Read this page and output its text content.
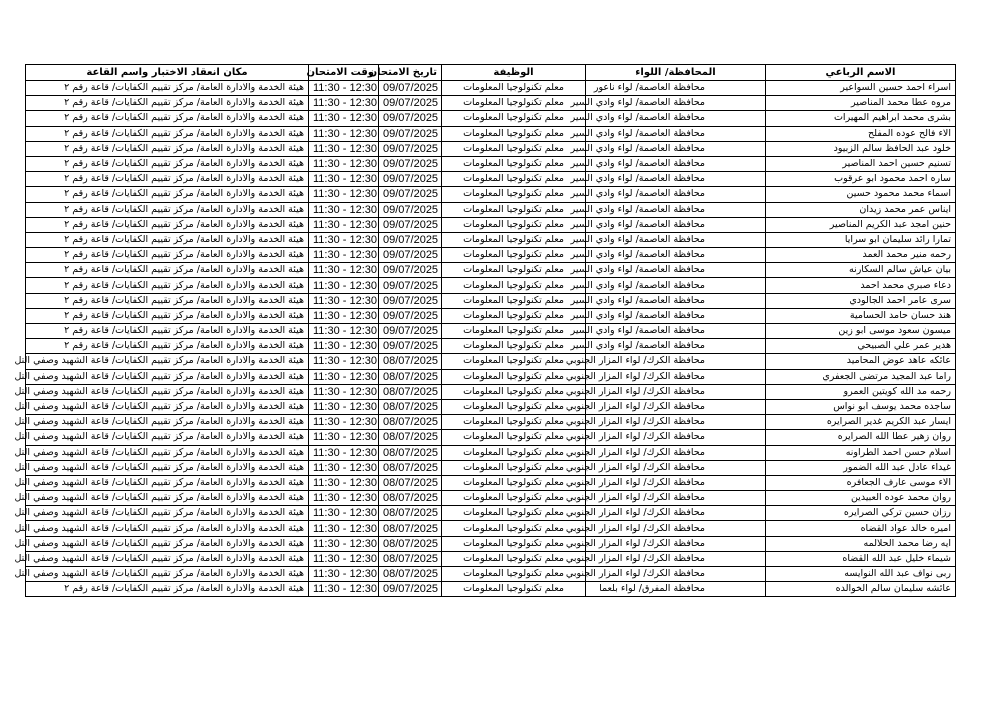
الاسم الرباعي	المحافظة/ اللواء	الوظيفة	تاريخ الامتحان	وقت الامتحان	مكان انعقاد الاختبار واسم القاعة
اسراء احمد حسين السواعير	محافظة العاصمة/ لواء ناعور	معلم تكنولوجيا المعلومات	09/07/2025	11:30 - 12:30	هيئة الخدمة والادارة العامة/ مركز تقييم الكفايات/ قاعة رقم ٢
مروه عطا محمد المناصير	محافظة العاصمة/ لواء وادي السير	معلم تكنولوجيا المعلومات	09/07/2025	11:30 - 12:30	هيئة الخدمة والادارة العامة/ مركز تقييم الكفايات/ قاعة رقم ٢
بشرى محمد ابراهيم المهيرات	محافظة العاصمة/ لواء وادي السير	معلم تكنولوجيا المعلومات	09/07/2025	11:30 - 12:30	هيئة الخدمة والادارة العامة/ مركز تقييم الكفايات/ قاعة رقم ٢
الاء فالح عوده المفلح	محافظة العاصمة/ لواء وادي السير	معلم تكنولوجيا المعلومات	09/07/2025	11:30 - 12:30	هيئة الخدمة والادارة العامة/ مركز تقييم الكفايات/ قاعة رقم ٢
خلود عبد الحافظ سالم الزبيود	محافظة العاصمة/ لواء وادي السير	معلم تكنولوجيا المعلومات	09/07/2025	11:30 - 12:30	هيئة الخدمة والادارة العامة/ مركز تقييم الكفايات/ قاعة رقم ٢
تسنيم حسين احمد المناصير	محافظة العاصمة/ لواء وادي السير	معلم تكنولوجيا المعلومات	09/07/2025	11:30 - 12:30	هيئة الخدمة والادارة العامة/ مركز تقييم الكفايات/ قاعة رقم ٢
ساره احمد محمود ابو عرقوب	محافظة العاصمة/ لواء وادي السير	معلم تكنولوجيا المعلومات	09/07/2025	11:30 - 12:30	هيئة الخدمة والادارة العامة/ مركز تقييم الكفايات/ قاعة رقم ٢
اسماء محمد محمود حسين	محافظة العاصمة/ لواء وادي السير	معلم تكنولوجيا المعلومات	09/07/2025	11:30 - 12:30	هيئة الخدمة والادارة العامة/ مركز تقييم الكفايات/ قاعة رقم ٢
ايناس عمر محمد زيدان	محافظة العاصمة/ لواء وادي السير	معلم تكنولوجيا المعلومات	09/07/2025	11:30 - 12:30	هيئة الخدمة والادارة العامة/ مركز تقييم الكفايات/ قاعة رقم ٢
حنين امجد عبد الكريم المناصير	محافظة العاصمة/ لواء وادي السير	معلم تكنولوجيا المعلومات	09/07/2025	11:30 - 12:30	هيئة الخدمة والادارة العامة/ مركز تقييم الكفايات/ قاعة رقم ٢
تمارا رائد سليمان ابو سرايا	محافظة العاصمة/ لواء وادي السير	معلم تكنولوجيا المعلومات	09/07/2025	11:30 - 12:30	هيئة الخدمة والادارة العامة/ مركز تقييم الكفايات/ قاعة رقم ٢
رحمه منير محمد العمد	محافظة العاصمة/ لواء وادي السير	معلم تكنولوجيا المعلومات	09/07/2025	11:30 - 12:30	هيئة الخدمة والادارة العامة/ مركز تقييم الكفايات/ قاعة رقم ٢
بيان عياش سالم السكارنه	محافظة العاصمة/ لواء وادي السير	معلم تكنولوجيا المعلومات	09/07/2025	11:30 - 12:30	هيئة الخدمة والادارة العامة/ مركز تقييم الكفايات/ قاعة رقم ٢
دعاء صبري محمد احمد	محافظة العاصمة/ لواء وادي السير	معلم تكنولوجيا المعلومات	09/07/2025	11:30 - 12:30	هيئة الخدمة والادارة العامة/ مركز تقييم الكفايات/ قاعة رقم ٢
سرى عامر احمد الجالودي	محافظة العاصمة/ لواء وادي السير	معلم تكنولوجيا المعلومات	09/07/2025	11:30 - 12:30	هيئة الخدمة والادارة العامة/ مركز تقييم الكفايات/ قاعة رقم ٢
هند حسان حامد الحسامية	محافظة العاصمة/ لواء وادي السير	معلم تكنولوجيا المعلومات	09/07/2025	11:30 - 12:30	هيئة الخدمة والادارة العامة/ مركز تقييم الكفايات/ قاعة رقم ٢
ميسون سعود موسى ابو زين	محافظة العاصمة/ لواء وادي السير	معلم تكنولوجيا المعلومات	09/07/2025	11:30 - 12:30	هيئة الخدمة والادارة العامة/ مركز تقييم الكفايات/ قاعة رقم ٢
هدير عمر علي الصبيحي	محافظة العاصمة/ لواء وادي السير	معلم تكنولوجيا المعلومات	09/07/2025	11:30 - 12:30	هيئة الخدمة والادارة العامة/ مركز تقييم الكفايات/ قاعة رقم ٢
عائكه عاهد عوض المحاميد	محافظة الكرك/ لواء المزار الجنوبي	معلم تكنولوجيا المعلومات	08/07/2025	11:30 - 12:30	هيئة الخدمة والادارة العامة/ مركز تقييم الكفايات/ قاعة الشهيد وصفي التل
راما عبد المجيد مرتضى الجعفري	محافظة الكرك/ لواء المزار الجنوبي	معلم تكنولوجيا المعلومات	08/07/2025	11:30 - 12:30	هيئة الخدمة والادارة العامة/ مركز تقييم الكفايات/ قاعة الشهيد وصفي التل
رحمه مد الله كويتين العمرو	محافظة الكرك/ لواء المزار الجنوبي	معلم تكنولوجيا المعلومات	08/07/2025	11:30 - 12:30	هيئة الخدمة والادارة العامة/ مركز تقييم الكفايات/ قاعة الشهيد وصفي التل
ساجده محمد يوسف ابو نواس	محافظة الكرك/ لواء المزار الجنوبي	معلم تكنولوجيا المعلومات	08/07/2025	11:30 - 12:30	هيئة الخدمة والادارة العامة/ مركز تقييم الكفايات/ قاعة الشهيد وصفي التل
ايسار عبد الكريم غدير الصرايره	محافظة الكرك/ لواء المزار الجنوبي	معلم تكنولوجيا المعلومات	08/07/2025	11:30 - 12:30	هيئة الخدمة والادارة العامة/ مركز تقييم الكفايات/ قاعة الشهيد وصفي التل
روان زهير عطا الله الصرايره	محافظة الكرك/ لواء المزار الجنوبي	معلم تكنولوجيا المعلومات	08/07/2025	11:30 - 12:30	هيئة الخدمة والادارة العامة/ مركز تقييم الكفايات/ قاعة الشهيد وصفي التل
اسلام حسن احمد الطراونه	محافظة الكرك/ لواء المزار الجنوبي	معلم تكنولوجيا المعلومات	08/07/2025	11:30 - 12:30	هيئة الخدمة والادارة العامة/ مركز تقييم الكفايات/ قاعة الشهيد وصفي التل
غيداء عادل عبد الله الضمور	محافظة الكرك/ لواء المزار الجنوبي	معلم تكنولوجيا المعلومات	08/07/2025	11:30 - 12:30	هيئة الخدمة والادارة العامة/ مركز تقييم الكفايات/ قاعة الشهيد وصفي التل
الاء موسى عارف الجعافره	محافظة الكرك/ لواء المزار الجنوبي	معلم تكنولوجيا المعلومات	08/07/2025	11:30 - 12:30	هيئة الخدمة والادارة العامة/ مركز تقييم الكفايات/ قاعة الشهيد وصفي التل
روان محمد عوده العبيدين	محافظة الكرك/ لواء المزار الجنوبي	معلم تكنولوجيا المعلومات	08/07/2025	11:30 - 12:30	هيئة الخدمة والادارة العامة/ مركز تقييم الكفايات/ قاعة الشهيد وصفي التل
رزان حسين تركي الصرايره	محافظة الكرك/ لواء المزار الجنوبي	معلم تكنولوجيا المعلومات	08/07/2025	11:30 - 12:30	هيئة الخدمة والادارة العامة/ مركز تقييم الكفايات/ قاعة الشهيد وصفي التل
اميره خالد عواد القضاه	محافظة الكرك/ لواء المزار الجنوبي	معلم تكنولوجيا المعلومات	08/07/2025	11:30 - 12:30	هيئة الخدمة والادارة العامة/ مركز تقييم الكفايات/ قاعة الشهيد وصفي التل
ايه رضا محمد الحلالمه	محافظة الكرك/ لواء المزار الجنوبي	معلم تكنولوجيا المعلومات	08/07/2025	11:30 - 12:30	هيئة الخدمة والادارة العامة/ مركز تقييم الكفايات/ قاعة الشهيد وصفي التل
شيماء خليل عبد الله القضاه	محافظة الكرك/ لواء المزار الجنوبي	معلم تكنولوجيا المعلومات	08/07/2025	11:30 - 12:30	هيئة الخدمة والادارة العامة/ مركز تقييم الكفايات/ قاعة الشهيد وصفي التل
ربى نواف عبد الله النوايسه	محافظة الكرك/ لواء المزار الجنوبي	معلم تكنولوجيا المعلومات	08/07/2025	11:30 - 12:30	هيئة الخدمة والادارة العامة/ مركز تقييم الكفايات/ قاعة الشهيد وصفي التل
عائشه سليمان سالم الخوالده	محافظة المفرق/ لواء بلعما	معلم تكنولوجيا المعلومات	09/07/2025	11:30 - 12:30	هيئة الخدمة والادارة العامة/ مركز تقييم الكفايات/ قاعة رقم ٢
